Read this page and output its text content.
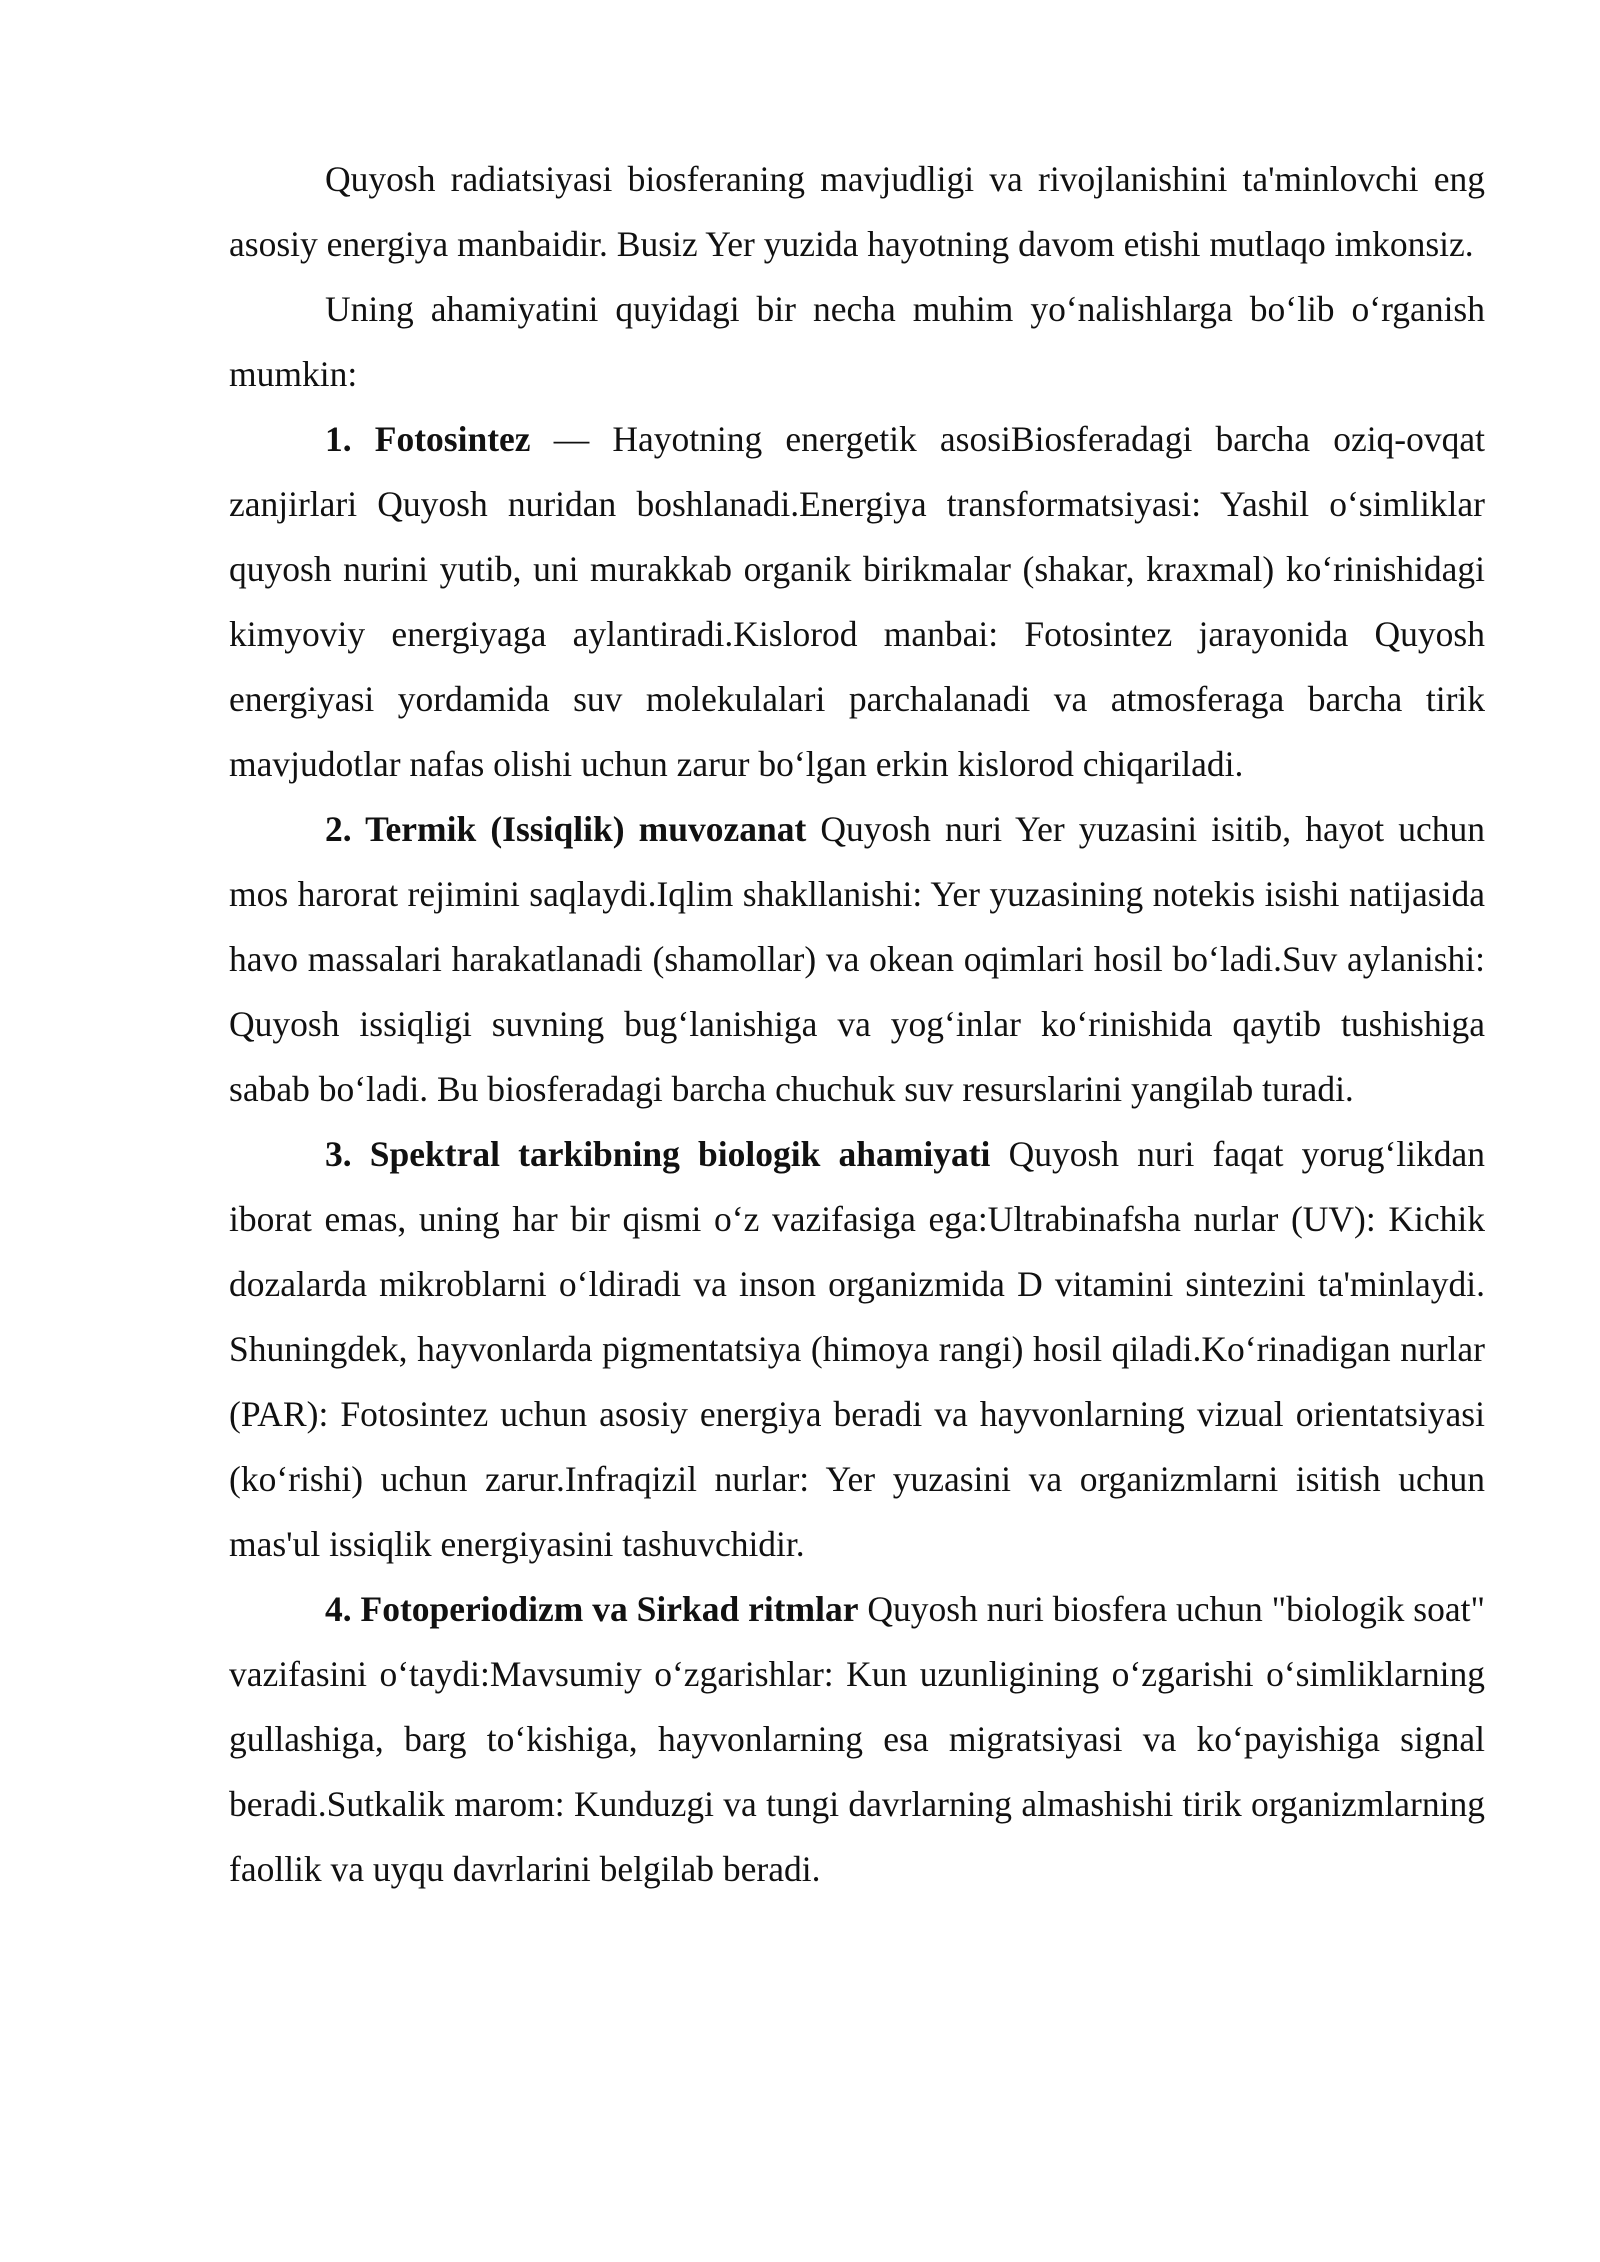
Quyosh radiatsiyasi biosferaning mavjudligi va rivojlanishini ta'minlovchi eng asosiy energiya manbaidir. Busiz Yer yuzida hayotning davom etishi mutlaqo imkonsiz.

Uning ahamiyatini quyidagi bir necha muhim yo‘nalishlarga bo‘lib o‘rganish mumkin:

1. Fotosintez — Hayotning energetik asosiBiosferadagi barcha oziq-ovqat zanjirlari Quyosh nuridan boshlanadi.Energiya transformatsiyasi: Yashil o‘simliklar quyosh nurini yutib, uni murakkab organik birikmalar (shakar, kraxmal) ko‘rinishidagi kimyoviy energiyaga aylantiradi.Kislorod manbai: Fotosintez jarayonida Quyosh energiyasi yordamida suv molekulalari parchalanadi va atmosferaga barcha tirik mavjudotlar nafas olishi uchun zarur bo‘lgan erkin kislorod chiqariladi.

2. Termik (Issiqlik) muvozanat Quyosh nuri Yer yuzasini isitib, hayot uchun mos harorat rejimini saqlaydi.Iqlim shakllanishi: Yer yuzasining notekis isishi natijasida havo massalari harakatlanadi (shamollar) va okean oqimlari hosil bo‘ladi.Suv aylanishi: Quyosh issiqligi suvning bug‘lanishiga va yog‘inlar ko‘rinishida qaytib tushishiga sabab bo‘ladi. Bu biosferadagi barcha chuchuk suv resurslarini yangilab turadi.

3. Spektral tarkibning biologik ahamiyati Quyosh nuri faqat yorug‘likdan iborat emas, uning har bir qismi o‘z vazifasiga ega:Ultrabinafsha nurlar (UV): Kichik dozalarda mikroblarni o‘ldiradi va inson organizmida D vitamini sintezini ta'minlaydi. Shuningdek, hayvonlarda pigmentatsiya (himoya rangi) hosil qiladi.Ko‘rinadigan nurlar (PAR): Fotosintez uchun asosiy energiya beradi va hayvonlarning vizual orientatsiyasi (ko‘rishi) uchun zarur.Infraqizil nurlar: Yer yuzasini va organizmlarni isitish uchun mas'ul issiqlik energiyasini tashuvchidir.

4. Fotoperiodizm va Sirkad ritmlar Quyosh nuri biosfera uchun "biologik soat" vazifasini o‘taydi:Mavsumiy o‘zgarishlar: Kun uzunligining o‘zgarishi o‘simliklarning gullashiga, barg to‘kishiga, hayvonlarning esa migratsiyasi va ko‘payishiga signal beradi.Sutkalik marom: Kunduzgi va tungi davrlarning almashishi tirik organizmlarning faollik va uyqu davrlarini belgilab beradi.
